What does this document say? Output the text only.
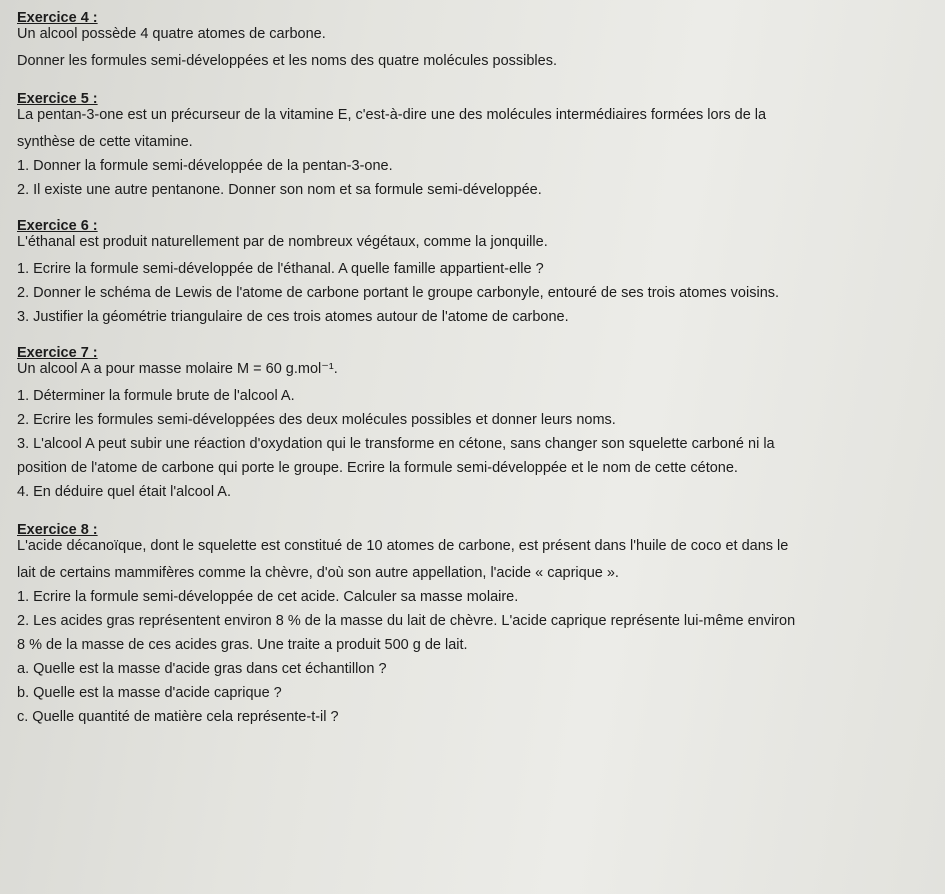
Exercice 4 :
Un alcool possède 4 quatre atomes de carbone.
Donner les formules semi-développées et les noms des quatre molécules possibles.
Exercice 5 :
La pentan-3-one est un précurseur de la vitamine E, c'est-à-dire une des molécules intermédiaires formées lors de la
synthèse de cette vitamine.
1. Donner la formule semi-développée de la pentan-3-one.
2. Il existe une autre pentanone. Donner son nom et sa formule semi-développée.
Exercice 6 :
L'éthanal est produit naturellement par de nombreux végétaux, comme la jonquille.
1. Ecrire la formule semi-développée de l'éthanal. A quelle famille appartient-elle ?
2. Donner le schéma de Lewis de l'atome de carbone portant le groupe carbonyle, entouré de ses trois atomes voisins.
3. Justifier la géométrie triangulaire de ces trois atomes autour de l'atome de carbone.
Exercice 7 :
Un alcool A a pour masse molaire M = 60 g.mol⁻¹.
1. Déterminer la formule brute de l'alcool A.
2. Ecrire les formules semi-développées des deux molécules possibles et donner leurs noms.
3. L'alcool A peut subir une réaction d'oxydation qui le transforme en cétone, sans changer son squelette carboné ni la
position de l'atome de carbone qui porte le groupe. Ecrire la formule semi-développée et le nom de cette cétone.
4. En déduire quel était l'alcool A.
Exercice 8 :
L'acide décanoïque, dont le squelette est constitué de 10 atomes de carbone, est présent dans l'huile de coco et dans le
lait de certains mammifères comme la chèvre, d'où son autre appellation, l'acide « caprique ».
1. Ecrire la formule semi-développée de cet acide. Calculer sa masse molaire.
2. Les acides gras représentent environ 8 % de la masse du lait de chèvre. L'acide caprique représente lui-même environ
8 % de la masse de ces acides gras. Une traite a produit 500 g de lait.
a. Quelle est la masse d'acide gras dans cet échantillon ?
b. Quelle est la masse d'acide caprique ?
c. Quelle quantité de matière cela représente-t-il ?
